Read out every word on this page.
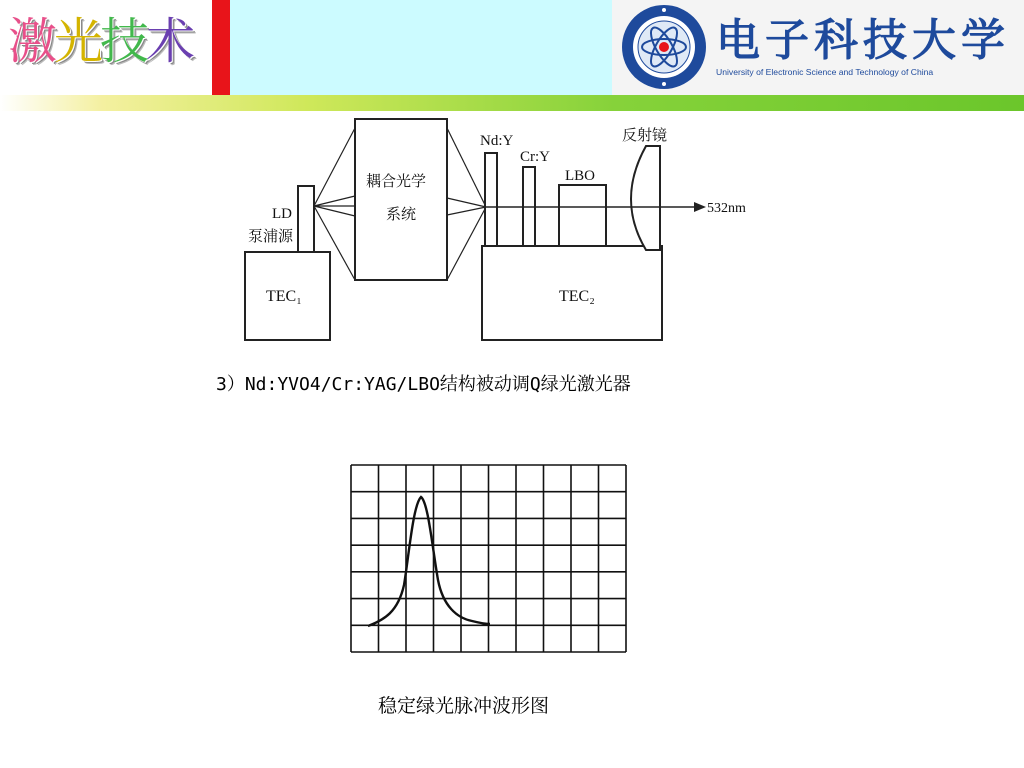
激光技术	电子科技大学
University of Electronic Science and Technology of China
TEC₁
LD
泵浦源
耦合光学
系统
TEC₂
Nd:Y
Cr:Y
LBO
反射镜
532nm
3）Nd:YVO4/Cr:YAG/LBO结构被动调Q绿光激光器
稳定绿光脉冲波形图
